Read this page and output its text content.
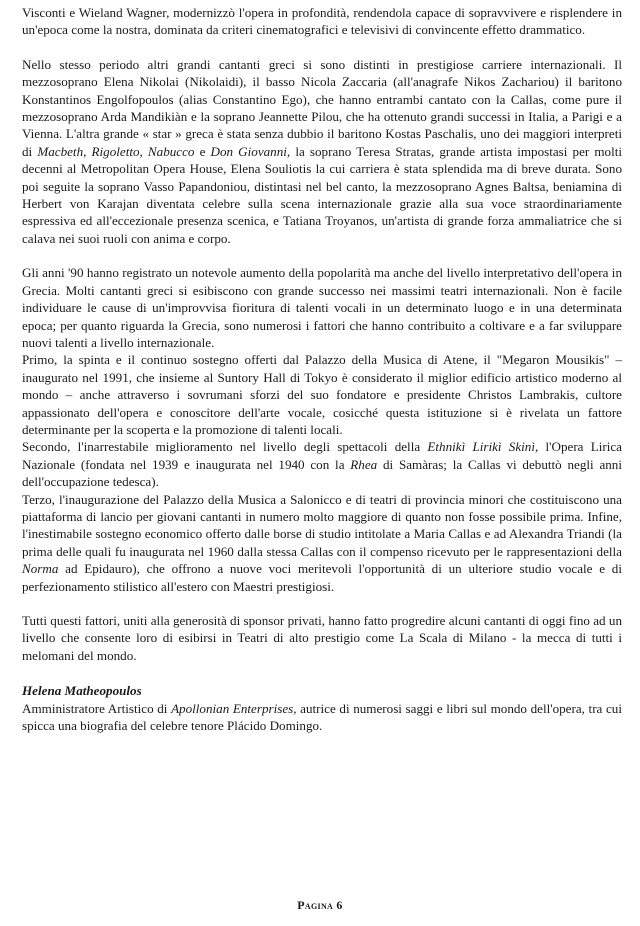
Visconti e Wieland Wagner, modernizzò l'opera in profondità, rendendola capace di sopravvivere e risplendere in un'epoca come la nostra, dominata da criteri cinematografici e televisivi di convincente effetto drammatico.

Nello stesso periodo altri grandi cantanti greci si sono distinti in prestigiose carriere internazionali. Il mezzosoprano Elena Nikolai (Nikolaidi), il basso Nicola Zaccaria (all'anagrafe Nikos Zachariou) il baritono Konstantinos Engolfopoulos (alias Constantino Ego), che hanno entrambi cantato con la Callas, come pure il mezzosoprano Arda Mandikiàn e la soprano Jeannette Pilou, che ha ottenuto grandi successi in Italia, a Parigi e a Vienna. L'altra grande « star » greca è stata senza dubbio il baritono Kostas Paschalis, uno dei maggiori interpreti di Macbeth, Rigoletto, Nabucco e Don Giovanni, la soprano Teresa Stratas, grande artista impostasi per molti decenni al Metropolitan Opera House, Elena Souliotis la cui carriera è stata splendida ma di breve durata. Sono poi seguite la soprano Vasso Papandoniou, distintasi nel bel canto, la mezzosoprano Agnes Baltsa, beniamina di Herbert von Karajan diventata celebre sulla scena internazionale grazie alla sua voce straordinariamente espressiva ed all'eccezionale presenza scenica, e Tatiana Troyanos, un'artista di grande forza ammaliatrice che si calava nei suoi ruoli con anima e corpo.

Gli anni '90 hanno registrato un notevole aumento della popolarità ma anche del livello interpretativo dell'opera in Grecia. Molti cantanti greci si esibiscono con grande successo nei massimi teatri internazionali. Non è facile individuare le cause di un'improvvisa fioritura di talenti vocali in un determinato luogo e in una determinata epoca; per quanto riguarda la Grecia, sono numerosi i fattori che hanno contribuito a coltivare e a far sviluppare nuovi talenti a livello internazionale.

Primo, la spinta e il continuo sostegno offerti dal Palazzo della Musica di Atene, il "Megaron Mousikis" – inaugurato nel 1991, che insieme al Suntory Hall di Tokyo è considerato il miglior edificio artistico moderno al mondo – anche attraverso i sovrumani sforzi del suo fondatore e presidente Christos Lambrakis, cultore appassionato dell'opera e conoscitore dell'arte vocale, cosicché questa istituzione si è rivelata un fattore determinante per la scoperta e la promozione di talenti locali.

Secondo, l'inarrestabile miglioramento nel livello degli spettacoli della Ethnikì Lirikì Skinì, l'Opera Lirica Nazionale (fondata nel 1939 e inaugurata nel 1940 con la Rhea di Samàras; la Callas vi debuttò negli anni dell'occupazione tedesca).

Terzo, l'inaugurazione del Palazzo della Musica a Salonicco e di teatri di provincia minori che costituiscono una piattaforma di lancio per giovani cantanti in numero molto maggiore di quanto non fosse possibile prima. Infine, l'inestimabile sostegno economico offerto dalle borse di studio intitolate a Maria Callas e ad Alexandra Triandi (la prima delle quali fu inaugurata nel 1960 dalla stessa Callas con il compenso ricevuto per le rappresentazioni della Norma ad Epidauro), che offrono a nuove voci meritevoli l'opportunità di un ulteriore studio vocale e di perfezionamento stilistico all'estero con Maestri prestigiosi.

Tutti questi fattori, uniti alla generosità di sponsor privati, hanno fatto progredire alcuni cantanti di oggi fino ad un livello che consente loro di esibirsi in Teatri di alto prestigio come La Scala di Milano - la mecca di tutti i melomani del mondo.

Helena Matheopoulos

Amministratore Artistico di Apollonian Enterprises, autrice di numerosi saggi e libri sul mondo dell'opera, tra cui spicca una biografia del celebre tenore Plácido Domingo.

Pagina 6
